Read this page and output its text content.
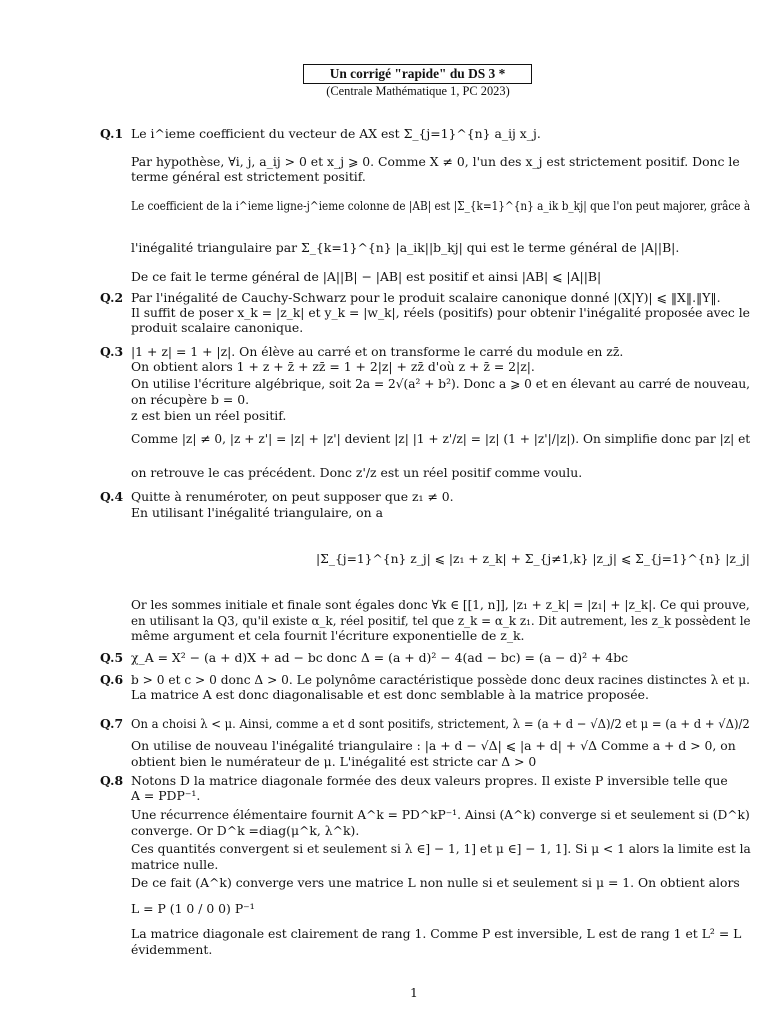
Un corrigé "rapide" du DS 3 *
(Centrale Mathématique 1, PC 2023)
Q.1 Le i^ieme coefficient du vecteur de AX est Σ_{j=1}^{n} a_ij x_j.
Par hypothèse, ∀i, j, a_ij > 0 et x_j ⩾ 0. Comme X ≠ 0, l'un des x_j est strictement positif. Donc le
terme général est strictement positif.
Le coefficient de la i^ieme ligne-j^ieme colonne de |AB| est |Σ_{k=1}^{n} a_ik b_kj| que l'on peut majorer, grâce à
l'inégalité triangulaire par Σ_{k=1}^{n} |a_ik||b_kj| qui est le terme général de |A||B|.
De ce fait le terme général de |A||B| − |AB| est positif et ainsi |AB| ⩽ |A||B|
Q.2 Par l'inégalité de Cauchy-Schwarz pour le produit scalaire canonique donné |(X|Y)| ⩽ ‖X‖.‖Y‖.
Il suffit de poser x_k = |z_k| et y_k = |w_k|, réels (positifs) pour obtenir l'inégalité proposée avec le
produit scalaire canonique.
Q.3 |1 + z| = 1 + |z|. On élève au carré et on transforme le carré du module en zz̄.
On obtient alors 1 + z + z̄ + zz̄ = 1 + 2|z| + zz̄ d'où z + z̄ = 2|z|.
On utilise l'écriture algébrique, soit 2a = 2√(a² + b²). Donc a ⩾ 0 et en élevant au carré de nouveau,
on récupère b = 0.
z est bien un réel positif.
Comme |z| ≠ 0, |z + z'| = |z| + |z'| devient |z| |1 + z'/z| = |z| (1 + |z'|/|z|). On simplifie donc par |z| et
on retrouve le cas précédent. Donc z'/z est un réel positif comme voulu.
Q.4 Quitte à renuméroter, on peut supposer que z₁ ≠ 0.
En utilisant l'inégalité triangulaire, on a
|Σ_{j=1}^{n} z_j| ⩽ |z₁ + z_k| + Σ_{j≠1,k} |z_j| ⩽ Σ_{j=1}^{n} |z_j|
Or les sommes initiale et finale sont égales donc ∀k ∈ [[1, n]], |z₁ + z_k| = |z₁| + |z_k|. Ce qui prouve,
en utilisant la Q3, qu'il existe α_k, réel positif, tel que z_k = α_k z₁. Dit autrement, les z_k possèdent le
même argument et cela fournit l'écriture exponentielle de z_k.
Q.5 χ_A = X² − (a + d)X + ad − bc donc Δ = (a + d)² − 4(ad − bc) = (a − d)² + 4bc
Q.6 b > 0 et c > 0 donc Δ > 0. Le polynôme caractéristique possède donc deux racines distinctes λ et μ.
La matrice A est donc diagonalisable et est donc semblable à la matrice proposée.
Q.7 On a choisi λ < μ. Ainsi, comme a et d sont positifs, strictement, λ = (a + d − √Δ)/2 et μ = (a + d + √Δ)/2
On utilise de nouveau l'inégalité triangulaire : |a + d − √Δ| ⩽ |a + d| + √Δ Comme a + d > 0, on
obtient bien le numérateur de μ. L'inégalité est stricte car Δ > 0
Q.8 Notons D la matrice diagonale formée des deux valeurs propres. Il existe P inversible telle que
A = PDP⁻¹.
Une récurrence élémentaire fournit A^k = PD^kP⁻¹. Ainsi (A^k) converge si et seulement si (D^k)
converge. Or D^k =diag(μ^k, λ^k).
Ces quantités convergent si et seulement si λ ∈] − 1, 1] et μ ∈] − 1, 1]. Si μ < 1 alors la limite est la
matrice nulle.
De ce fait (A^k) converge vers une matrice L non nulle si et seulement si μ = 1. On obtient alors
L = P (1 0 / 0 0) P⁻¹
La matrice diagonale est clairement de rang 1. Comme P est inversible, L est de rang 1 et L² = L
évidemment.
1
